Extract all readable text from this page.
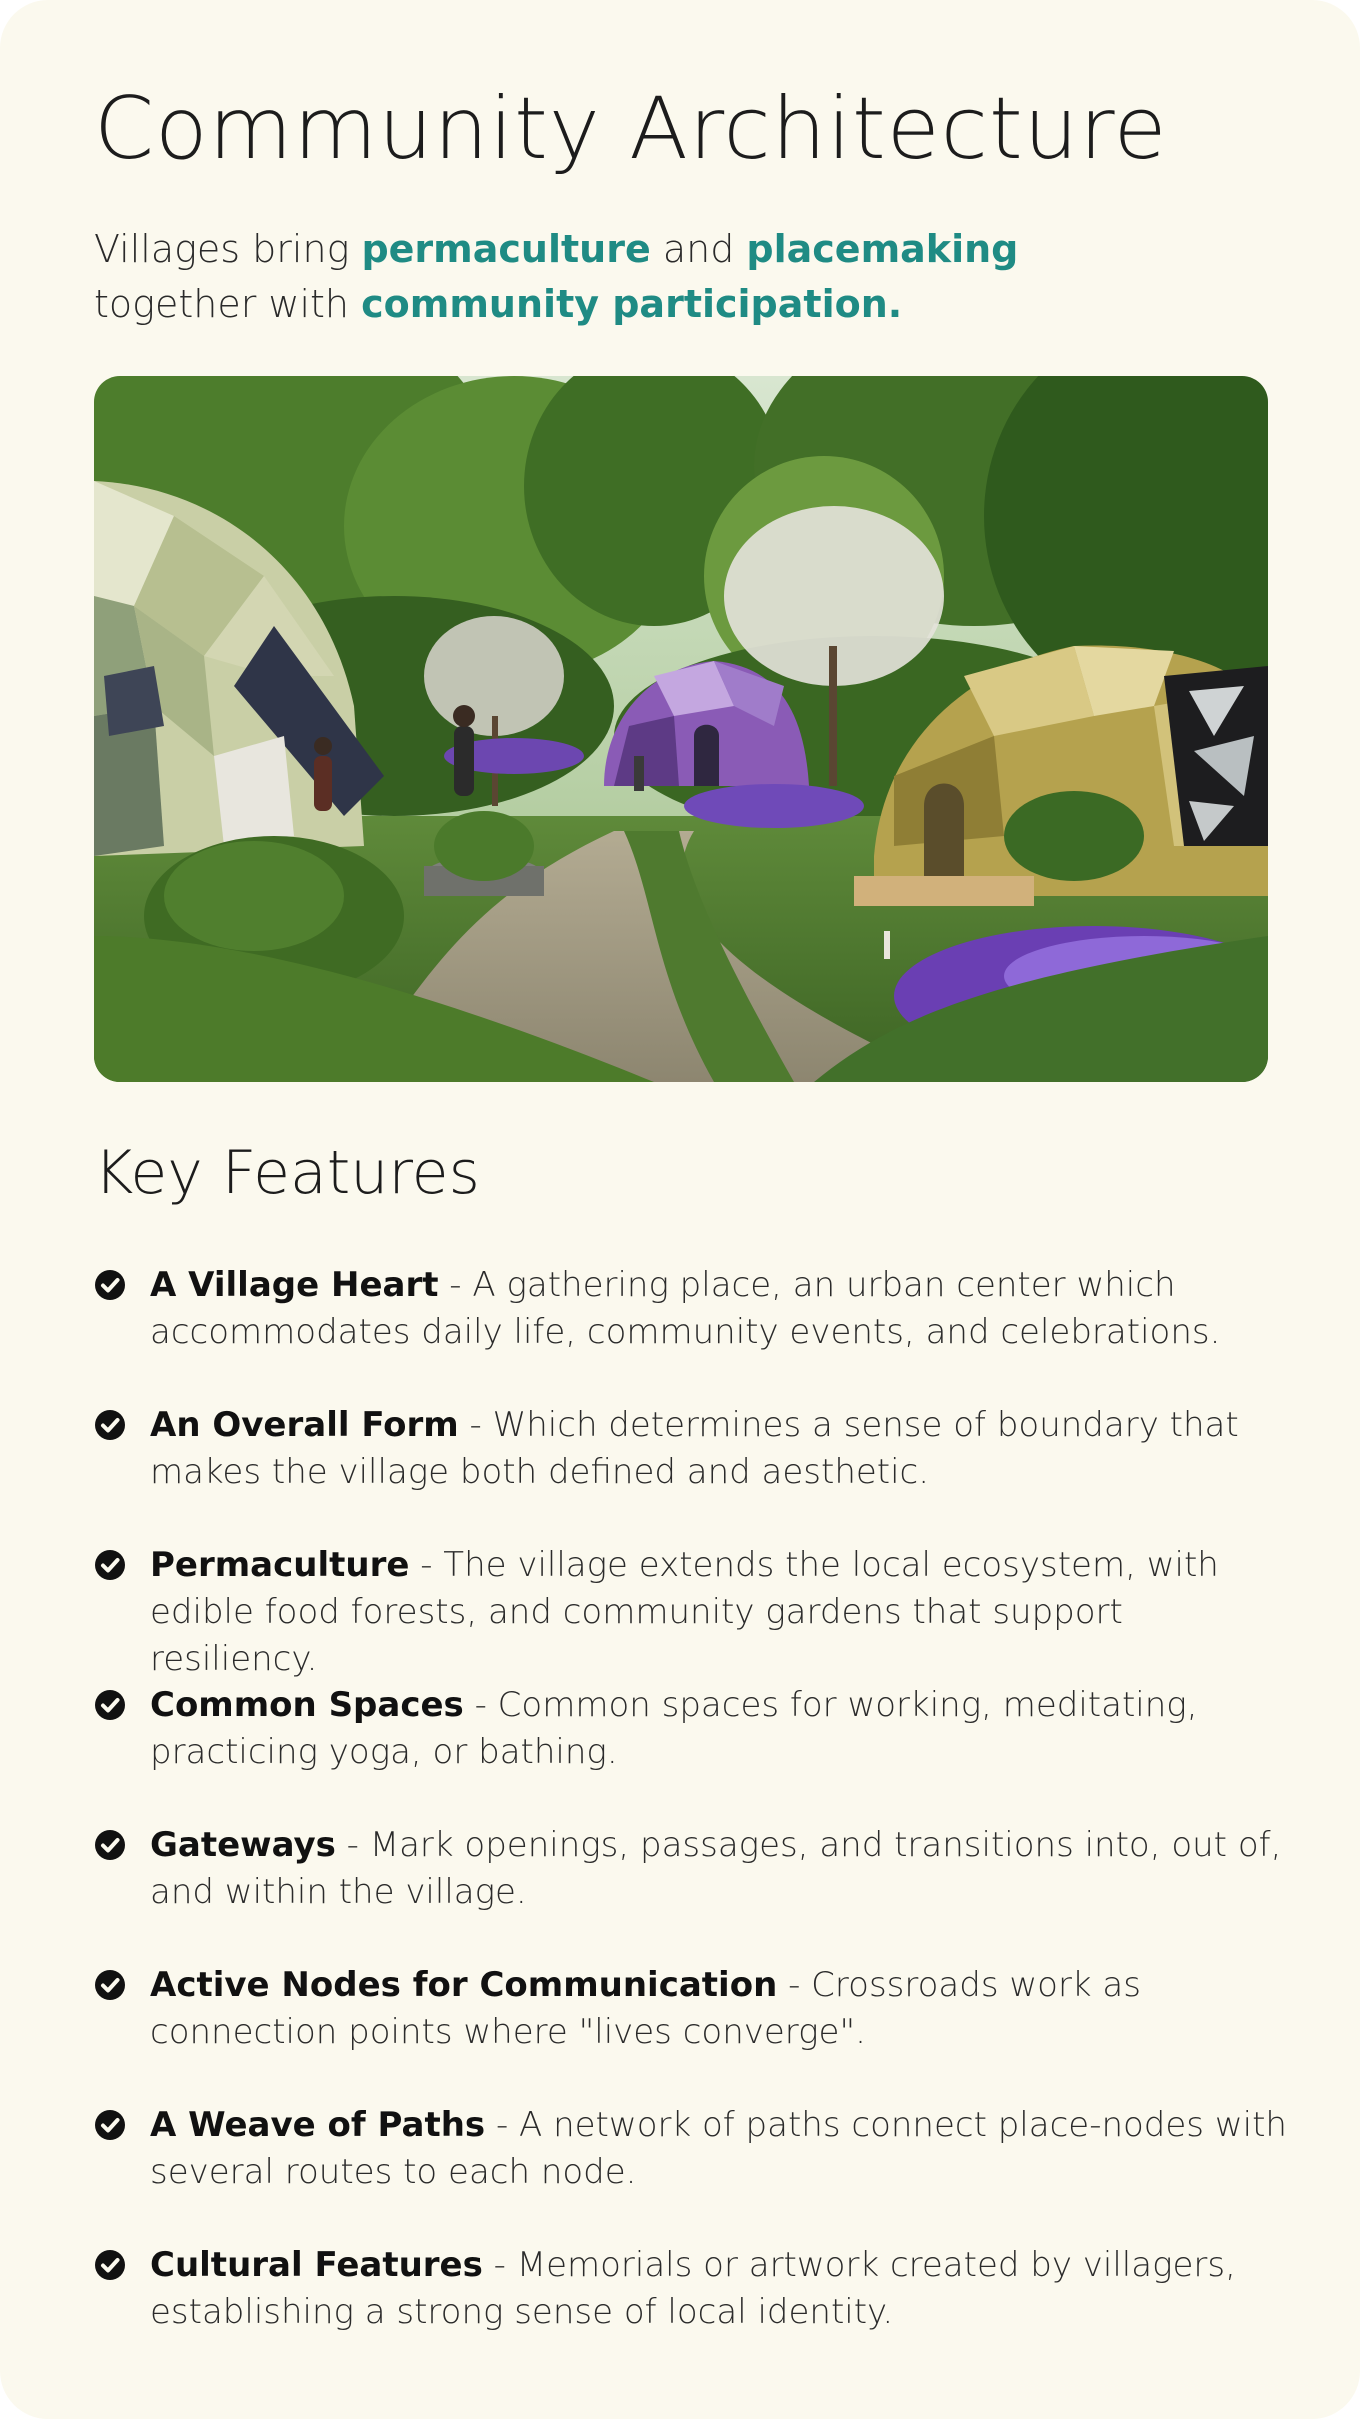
Community Architecture

Villages bring permaculture and placemaking
together with community participation.

Key Features
A Village Heart - A gathering place, an urban center which accommodates daily life, community events, and celebrations.
An Overall Form - Which determines a sense of boundary that makes the village both defined and aesthetic.
Permaculture - The village extends the local ecosystem, with edible food forests, and community gardens that support resiliency.
Common Spaces - Common spaces for working, meditating, practicing yoga, or bathing.
Gateways - Mark openings, passages, and transitions into, out of, and within the village.
Active Nodes for Communication - Crossroads work as connection points where "lives converge".
A Weave of Paths - A network of paths connect place-nodes with several routes to each node.
Cultural Features - Memorials or artwork created by villagers, establishing a strong sense of local identity.
